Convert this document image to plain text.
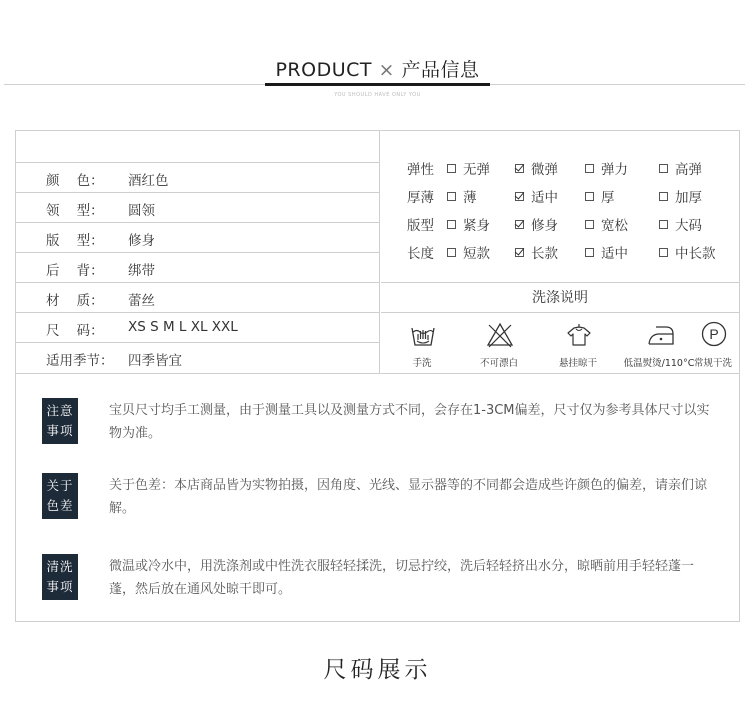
PRODUCT × 产品信息
YOU SHOULD HAVE ONLY YOU
颜    色：	酒红色
领    型：	圆领
版    型：	修身
后    背：	绑带
材    质：	蕾丝
尺    码：	XS S M L XL XXL
适用季节：	四季皆宜
弹性	无弹	微弹	弹力	高弹
厚薄	薄	适中	厚	加厚
版型	紧身	修身	宽松	大码
长度	短款	长款	适中	中长款
洗涤说明
手洗	不可漂白	悬挂晾干	低温熨烫/110°C
P
常规干洗
注意
事项
宝贝尺寸均手工测量，由于测量工具以及测量方式不同，会存在1-3CM偏差，尺寸仅为参考具体尺寸以实物为准。
关于
色差
关于色差：本店商品皆为实物拍摄，因角度、光线、显示器等的不同都会造成些许颜色的偏差，请亲们谅解。
清洗
事项
微温或冷水中，用洗涤剂或中性洗衣服轻轻揉洗，切忌拧绞，洗后轻轻挤出水分，晾晒前用手轻轻蓬一蓬，然后放在通风处晾干即可。
尺码展示
